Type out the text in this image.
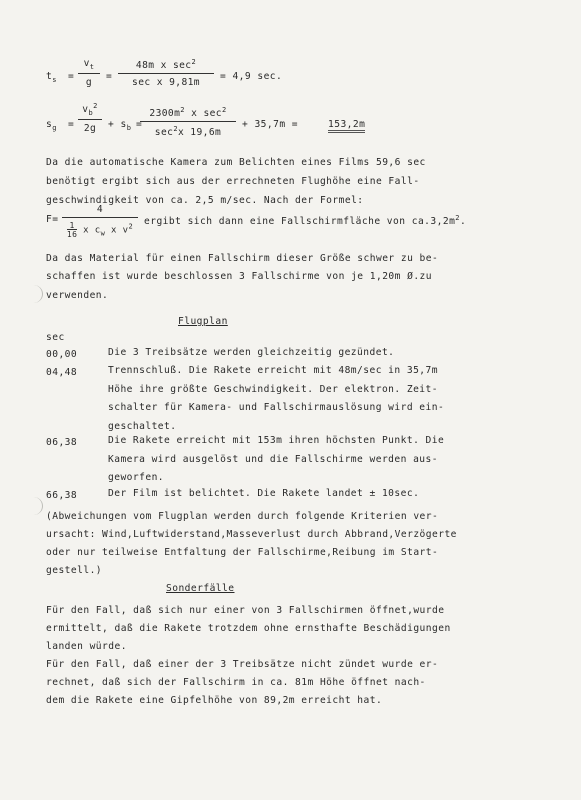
$t_s$ =
$v_t$
g
=
48m x $\sec^2$
sec x 9,81m
= 4,9 sec.
$s_g$ =
$v_b^2$
2g	+ $s_b$ =
$2300m^2$ x $\sec^2$
$\sec^2x$ 19,6m
+ 35,7m =	153,2m
Da die automatische Kamera zum Belichten eines Films 59,6 sec
benötigt ergibt sich aus der errechneten Flughöhe eine Fall-
geschwindigkeit von ca. 2,5 m/sec. Nach der Formel:
F=
4
$\frac{1}{16}$ x $c_w$ x $v^2$	ergibt sich dann eine Fallschirmfläche von $ca.3,2m^2$.
Da das Material für einen Fallschirm dieser Größe schwer zu be-
schaffen ist wurde beschlossen 3 Fallschirme von je 1,20m Ø.zu
verwenden.
Flugplan
sec
00,00	Die 3 Treibsätze werden gleichzeitig gezündet.
04,48	Trennschluß. Die Rakete erreicht mit 48m/sec in 35,7m
Höhe ihre größte Geschwindigkeit. Der elektron. Zeit-
schalter für Kamera- und Fallschirmauslösung wird ein-
geschaltet.
06,38	Die Rakete erreicht mit 153m ihren höchsten Punkt. Die
Kamera wird ausgelöst und die Fallschirme werden aus-
geworfen.
66,38	Der Film ist belichtet. Die Rakete landet ± 10sec.
(Abweichungen vom Flugplan werden durch folgende Kriterien ver-
ursacht: Wind,Luftwiderstand,Masseverlust durch Abbrand,Verzögerte
oder nur teilweise Entfaltung der Fallschirme,Reibung im Start-
gestell.)
Sonderfälle
Für den Fall, daß sich nur einer von 3 Fallschirmen öffnet,wurde
ermittelt, daß die Rakete trotzdem ohne ernsthafte Beschädigungen
landen würde.
Für den Fall, daß einer der 3 Treibsätze nicht zündet wurde er-
rechnet, daß sich der Fallschirm in ca. 81m Höhe öffnet nach-
dem die Rakete eine Gipfelhöhe von 89,2m erreicht hat.
